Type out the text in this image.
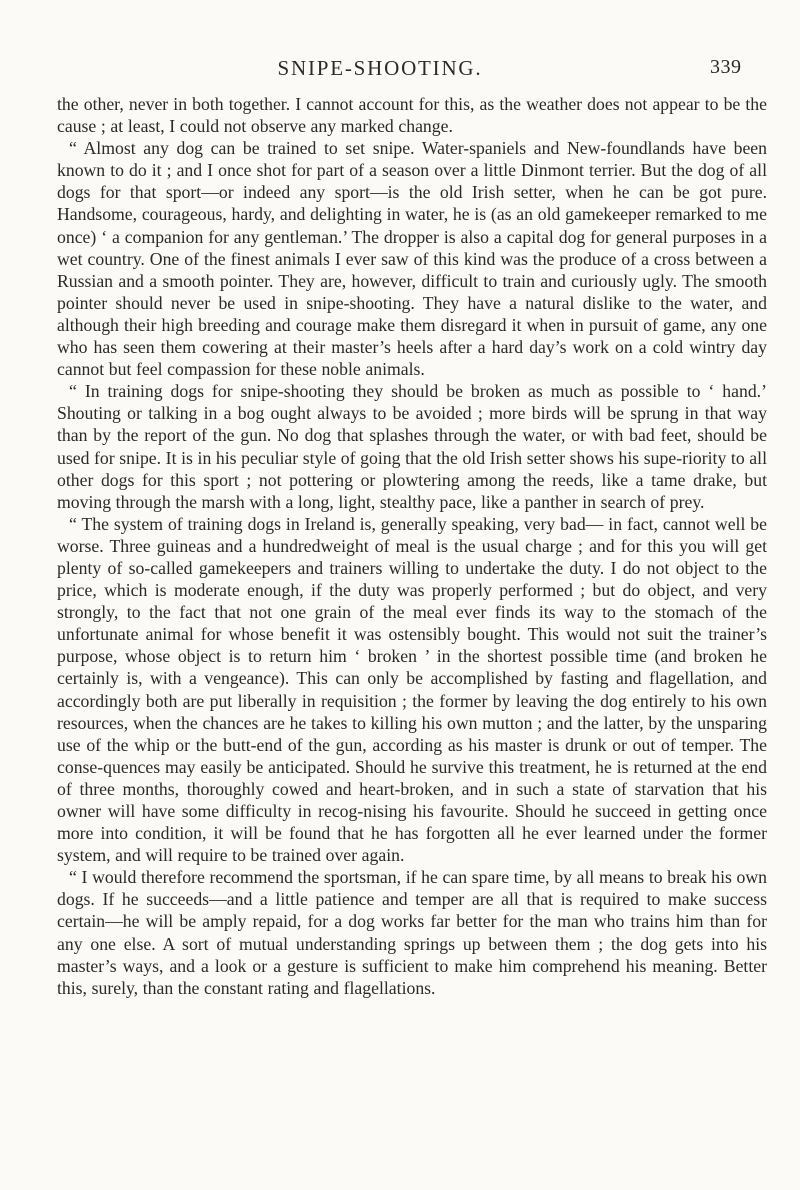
SNIPE-SHOOTING.	339

the other, never in both together. I cannot account for this, as the weather does not appear to be the cause ; at least, I could not observe any marked change.

“ Almost any dog can be trained to set snipe. Water-spaniels and New-foundlands have been known to do it ; and I once shot for part of a season over a little Dinmont terrier. But the dog of all dogs for that sport—or indeed any sport—is the old Irish setter, when he can be got pure. Handsome, courageous, hardy, and delighting in water, he is (as an old gamekeeper remarked to me once) ‘ a companion for any gentleman.’ The dropper is also a capital dog for general purposes in a wet country. One of the finest animals I ever saw of this kind was the produce of a cross between a Russian and a smooth pointer. They are, however, difficult to train and curiously ugly. The smooth pointer should never be used in snipe-shooting. They have a natural dislike to the water, and although their high breeding and courage make them disregard it when in pursuit of game, any one who has seen them cowering at their master’s heels after a hard day’s work on a cold wintry day cannot but feel compassion for these noble animals.

“ In training dogs for snipe-shooting they should be broken as much as possible to ‘ hand.’ Shouting or talking in a bog ought always to be avoided ; more birds will be sprung in that way than by the report of the gun. No dog that splashes through the water, or with bad feet, should be used for snipe. It is in his peculiar style of going that the old Irish setter shows his supe-riority to all other dogs for this sport ; not pottering or plowtering among the reeds, like a tame drake, but moving through the marsh with a long, light, stealthy pace, like a panther in search of prey.

“ The system of training dogs in Ireland is, generally speaking, very bad— in fact, cannot well be worse. Three guineas and a hundredweight of meal is the usual charge ; and for this you will get plenty of so-called gamekeepers and trainers willing to undertake the duty. I do not object to the price, which is moderate enough, if the duty was properly performed ; but do object, and very strongly, to the fact that not one grain of the meal ever finds its way to the stomach of the unfortunate animal for whose benefit it was ostensibly bought. This would not suit the trainer’s purpose, whose object is to return him ‘ broken ’ in the shortest possible time (and broken he certainly is, with a vengeance). This can only be accomplished by fasting and flagellation, and accordingly both are put liberally in requisition ; the former by leaving the dog entirely to his own resources, when the chances are he takes to killing his own mutton ; and the latter, by the unsparing use of the whip or the butt-end of the gun, according as his master is drunk or out of temper. The conse-quences may easily be anticipated. Should he survive this treatment, he is returned at the end of three months, thoroughly cowed and heart-broken, and in such a state of starvation that his owner will have some difficulty in recog-nising his favourite. Should he succeed in getting once more into condition, it will be found that he has forgotten all he ever learned under the former system, and will require to be trained over again.

“ I would therefore recommend the sportsman, if he can spare time, by all means to break his own dogs. If he succeeds—and a little patience and temper are all that is required to make success certain—he will be amply repaid, for a dog works far better for the man who trains him than for any one else. A sort of mutual understanding springs up between them ; the dog gets into his master’s ways, and a look or a gesture is sufficient to make him comprehend his meaning. Better this, surely, than the constant rating and flagellations.
